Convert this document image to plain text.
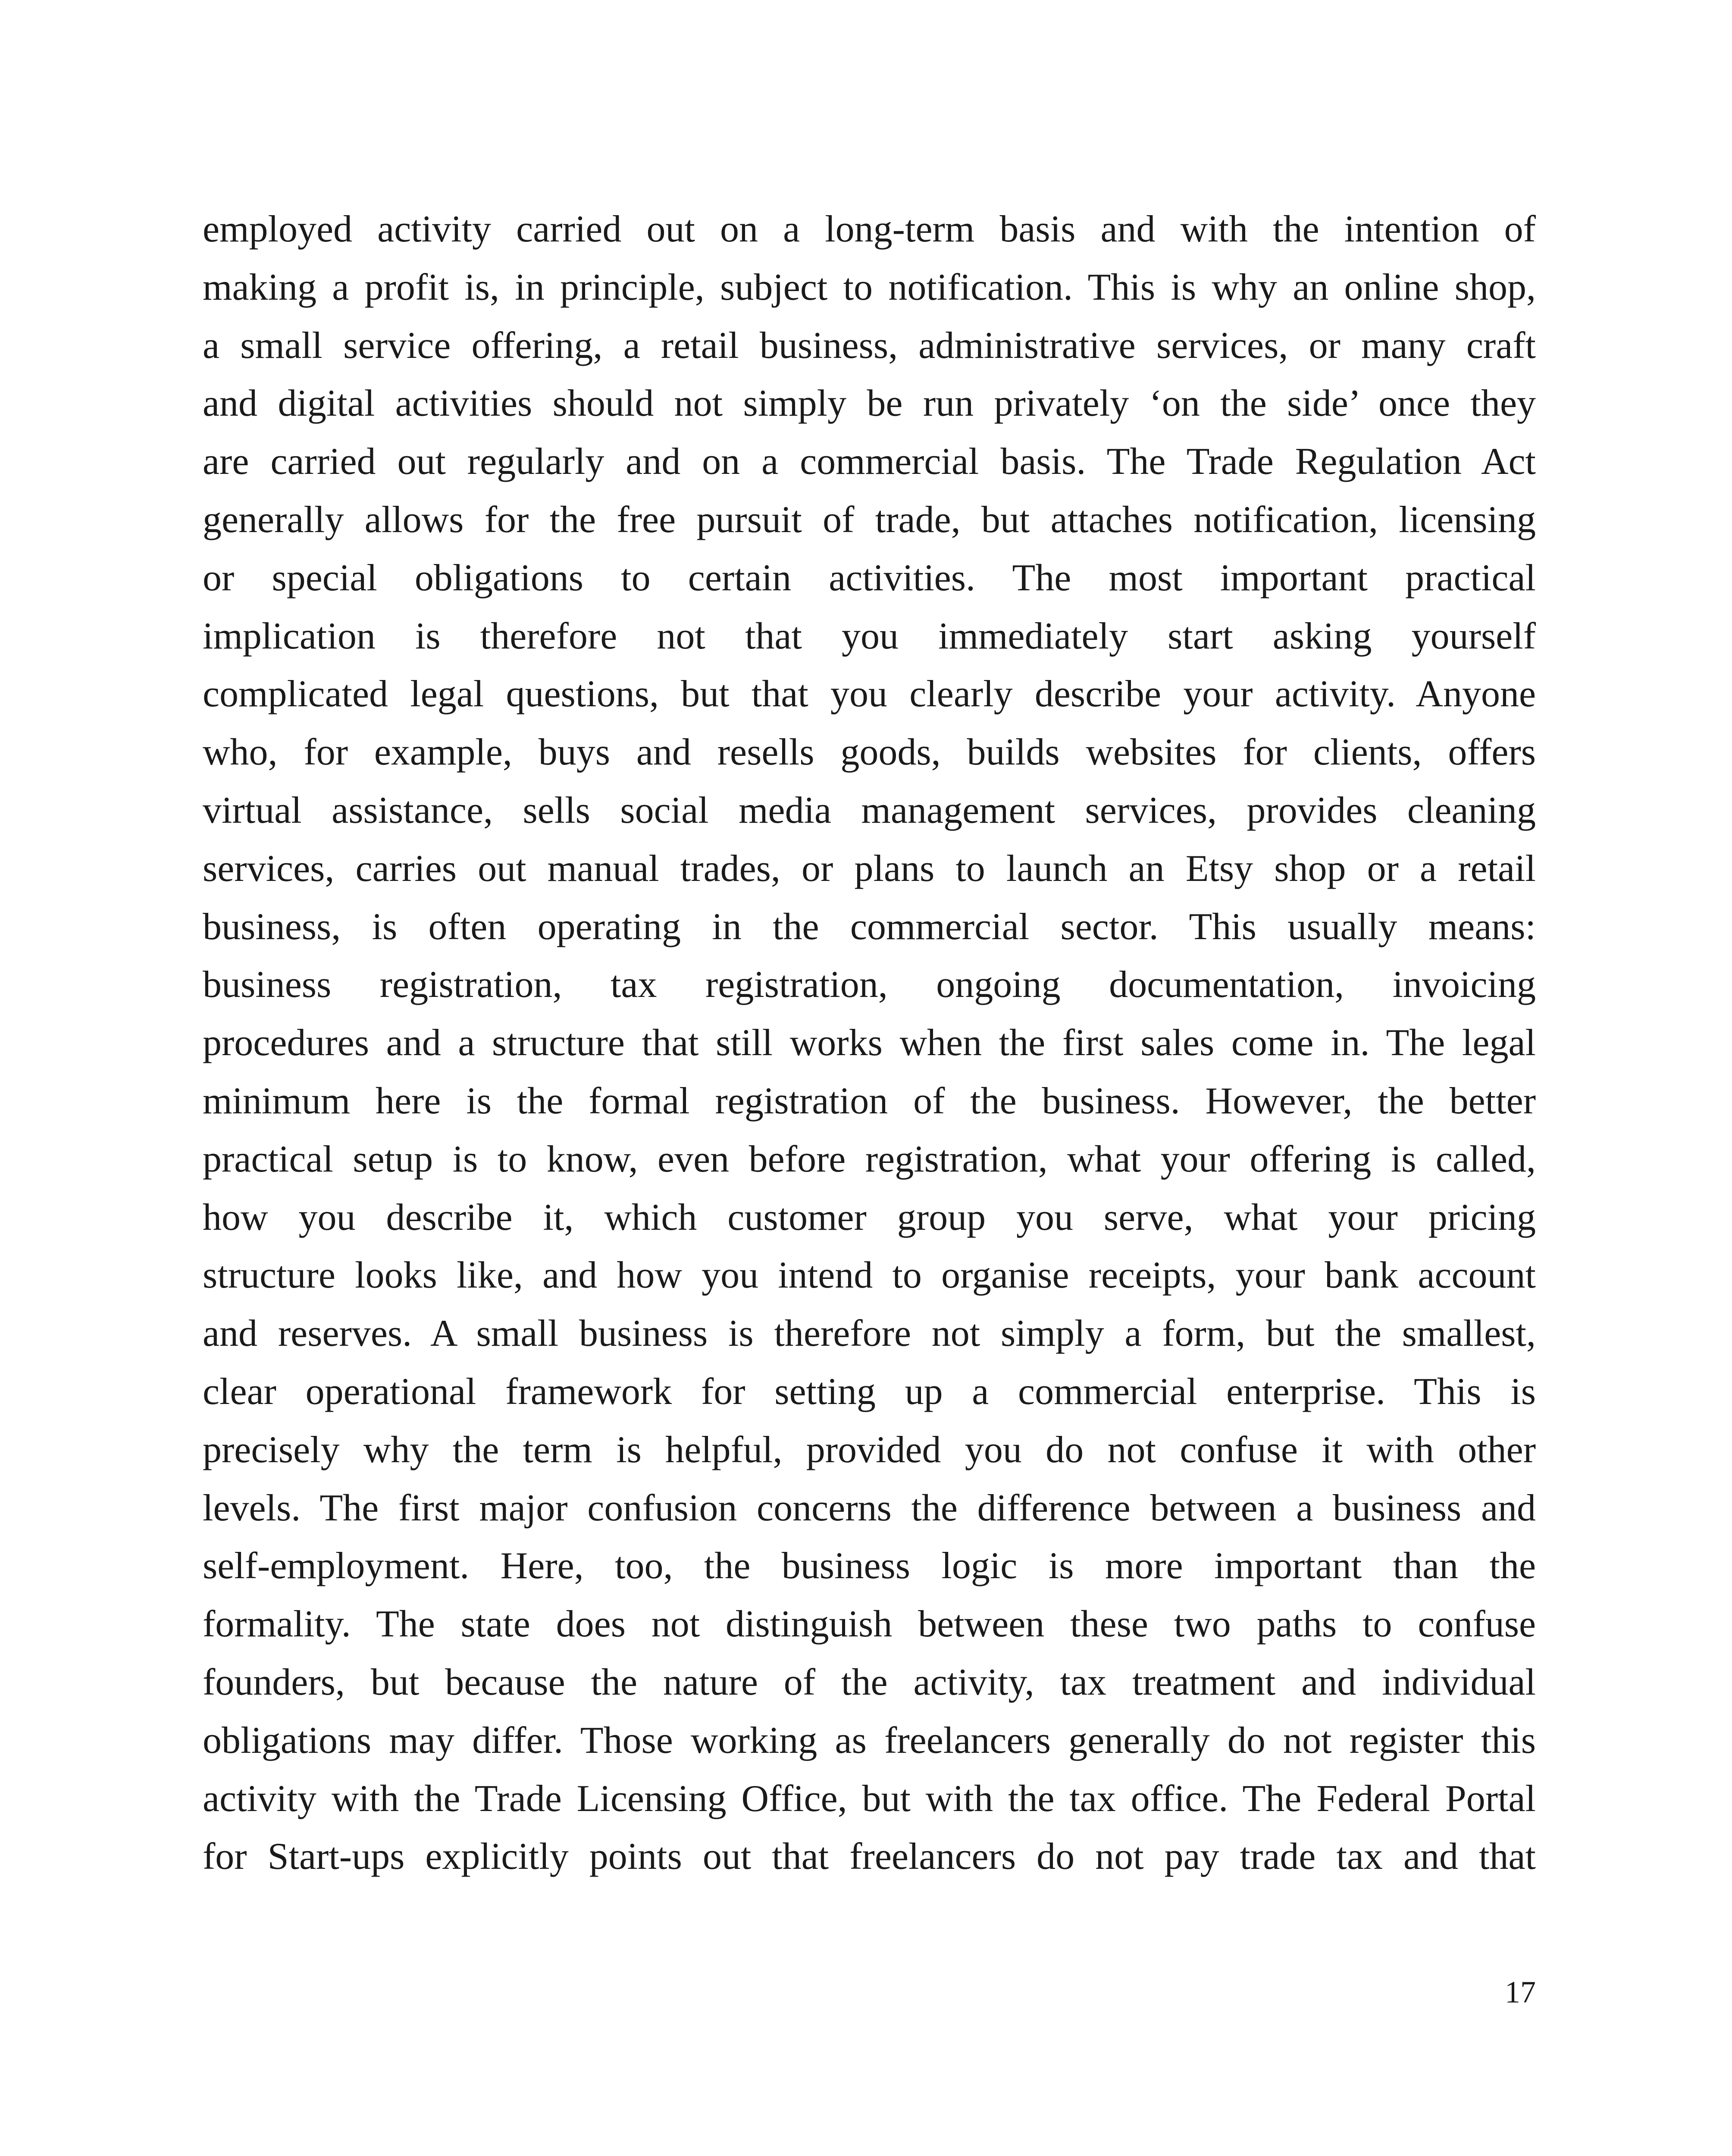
employed activity carried out on a long-term basis and with the intention of
making a profit is, in principle, subject to notification. This is why an online shop,
a small service offering, a retail business, administrative services, or many craft
and digital activities should not simply be run privately ‘on the side’ once they
are carried out regularly and on a commercial basis. The Trade Regulation Act
generally allows for the free pursuit of trade, but attaches notification, licensing
or special obligations to certain activities. The most important practical
implication is therefore not that you immediately start asking yourself
complicated legal questions, but that you clearly describe your activity. Anyone
who, for example, buys and resells goods, builds websites for clients, offers
virtual assistance, sells social media management services, provides cleaning
services, carries out manual trades, or plans to launch an Etsy shop or a retail
business, is often operating in the commercial sector. This usually means:
business registration, tax registration, ongoing documentation, invoicing
procedures and a structure that still works when the first sales come in. The legal
minimum here is the formal registration of the business. However, the better
practical setup is to know, even before registration, what your offering is called,
how you describe it, which customer group you serve, what your pricing
structure looks like, and how you intend to organise receipts, your bank account
and reserves. A small business is therefore not simply a form, but the smallest,
clear operational framework for setting up a commercial enterprise. This is
precisely why the term is helpful, provided you do not confuse it with other
levels. The first major confusion concerns the difference between a business and
self-employment. Here, too, the business logic is more important than the
formality. The state does not distinguish between these two paths to confuse
founders, but because the nature of the activity, tax treatment and individual
obligations may differ. Those working as freelancers generally do not register this
activity with the Trade Licensing Office, but with the tax office. The Federal Portal
for Start-ups explicitly points out that freelancers do not pay trade tax and that
17
